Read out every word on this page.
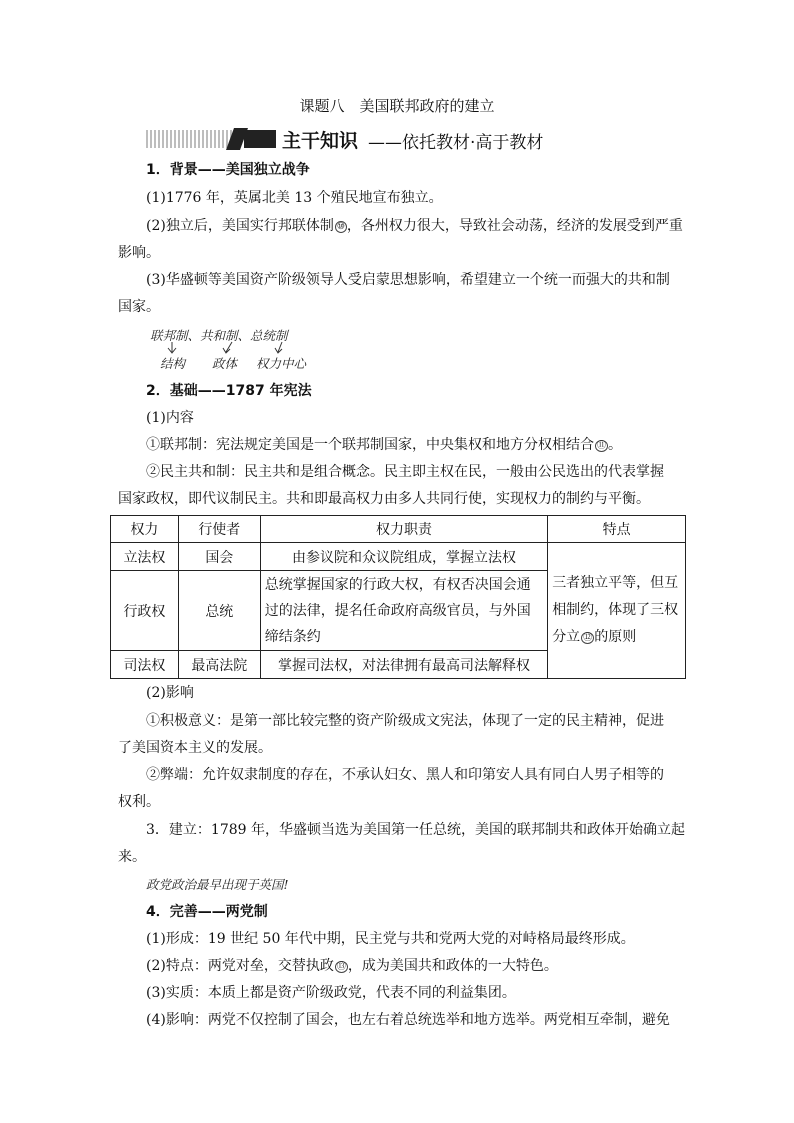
课题八　美国联邦政府的建立
主干知识 ——依托教材·高于教材
1．背景——美国独立战争
(1)1776 年，英属北美 13 个殖民地宣布独立。
(2)独立后，美国实行邦联体制 ⑩ ，各州权力很大，导致社会动荡，经济的发展受到严重
影响。
(3)华盛顿等美国资产阶级领导人受启蒙思想影响，希望建立一个统一而强大的共和制
国家。
联邦制、共和制、总统制
结构 政体 权力中心
2．基础——1787 年宪法
(1)内容
①联邦制：宪法规定美国是一个联邦制国家，中央集权和地方分权相结合 ⑪ 。
②民主共和制：民主共和是组合概念。民主即主权在民，一般由公民选出的代表掌握
国家政权，即代议制民主。共和即最高权力由多人共同行使，实现权力的制约与平衡。
权力	行使者	权力职责	特点
立法权	国会	由参议院和众议院组成，掌握立法权	三者独立平等，但互相制约，体现了三权分立 ⑫ 的原则
行政权	总统	总统掌握国家的行政大权，有权否决国会通过的法律，提名任命政府高级官员，与外国缔结条约	
司法权	最高法院	掌握司法权，对法律拥有最高司法解释权	
(2)影响
①积极意义：是第一部比较完整的资产阶级成文宪法，体现了一定的民主精神，促进
了美国资本主义的发展。
②弊端：允许奴隶制度的存在，不承认妇女、黑人和印第安人具有同白人男子相等的
权利。
3．建立：1789 年，华盛顿当选为美国第一任总统，美国的联邦制共和政体开始确立起
来。
政党政治最早出现于英国!
4．完善——两党制
(1)形成：19 世纪 50 年代中期，民主党与共和党两大党的对峙格局最终形成。
(2)特点：两党对垒，交替执政 ⑬ ，成为美国共和政体的一大特色。
(3)实质：本质上都是资产阶级政党，代表不同的利益集团。
(4)影响：两党不仅控制了国会，也左右着总统选举和地方选举。两党相互牵制，避免
